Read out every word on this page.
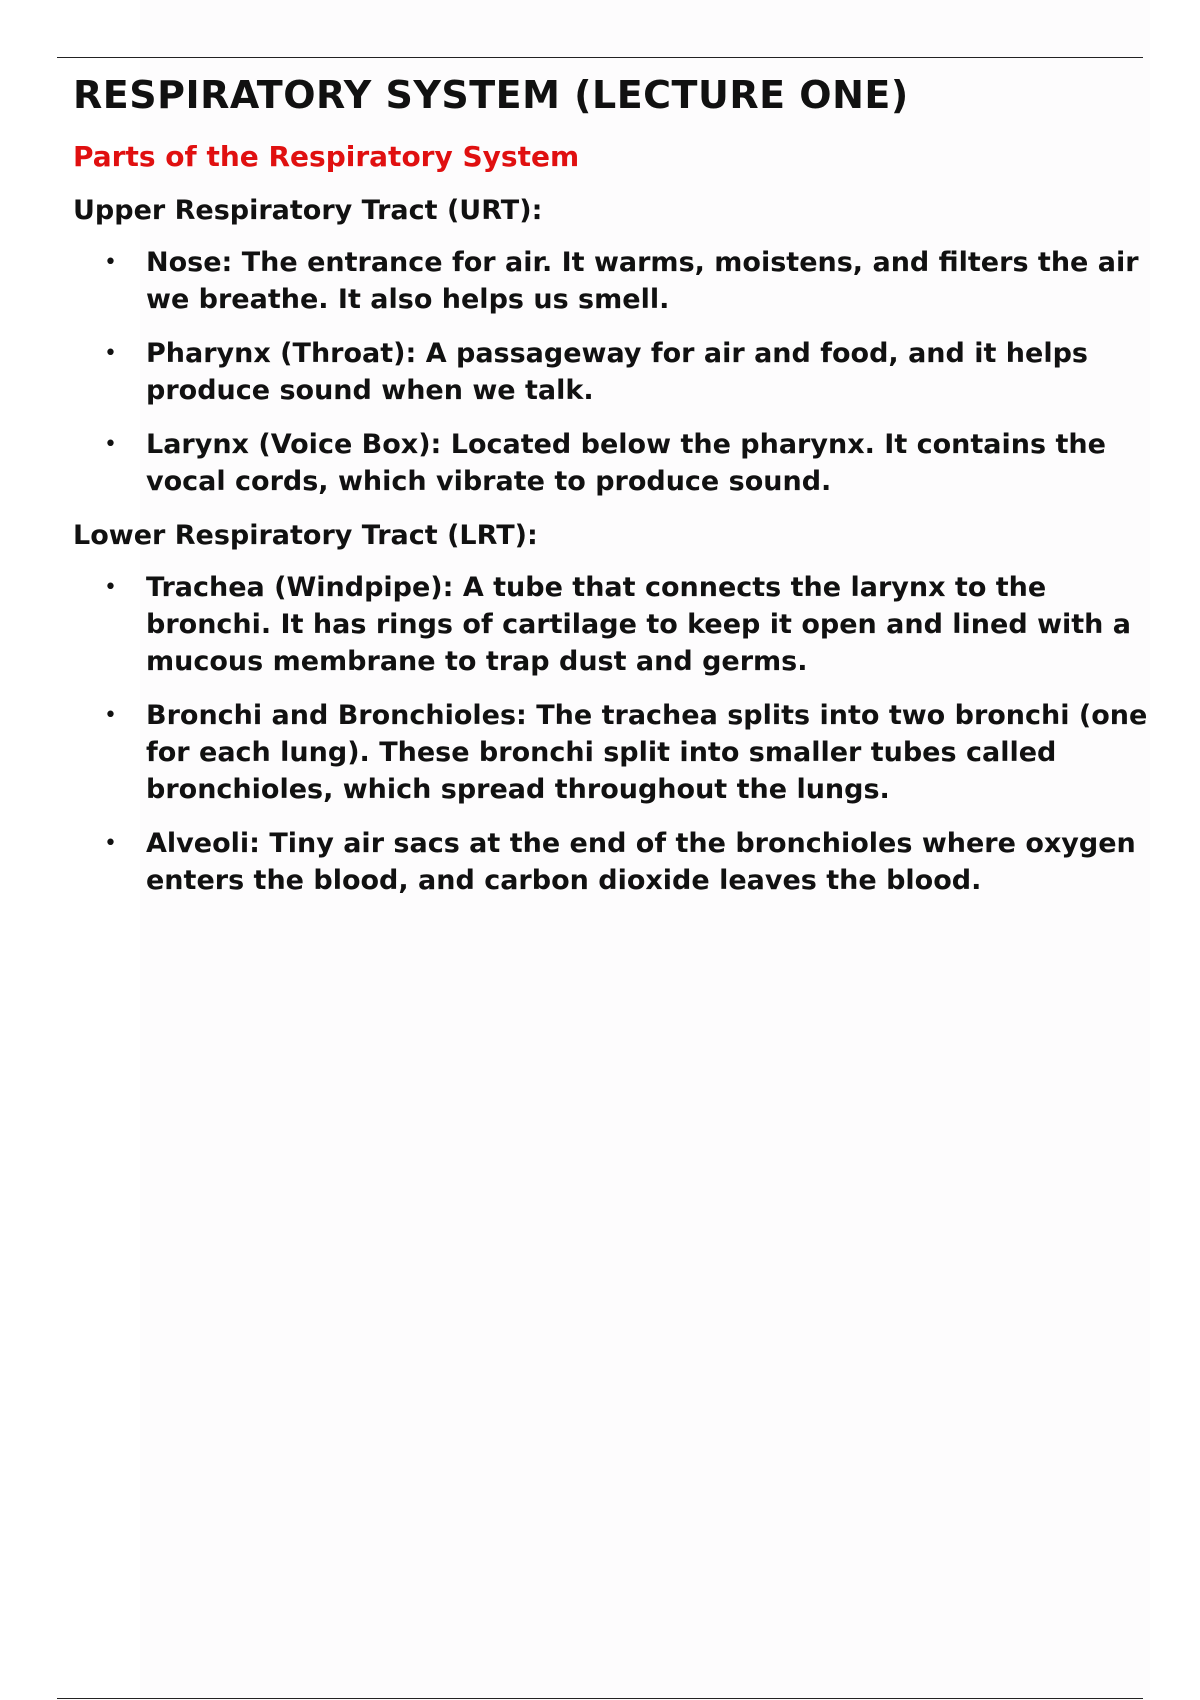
RESPIRATORY SYSTEM (LECTURE ONE)
Parts of the Respiratory System
Upper Respiratory Tract (URT):
• Nose: The entrance for air. It warms, moistens, and filters the air we breathe. It also helps us smell.
• Pharynx (Throat): A passageway for air and food, and it helps produce sound when we talk.
• Larynx (Voice Box): Located below the pharynx. It contains the vocal cords, which vibrate to produce sound.
Lower Respiratory Tract (LRT):
• Trachea (Windpipe): A tube that connects the larynx to the bronchi. It has rings of cartilage to keep it open and lined with a mucous membrane to trap dust and germs.
• Bronchi and Bronchioles: The trachea splits into two bronchi (one for each lung). These bronchi split into smaller tubes called bronchioles, which spread throughout the lungs.
• Alveoli: Tiny air sacs at the end of the bronchioles where oxygen enters the blood, and carbon dioxide leaves the blood.
